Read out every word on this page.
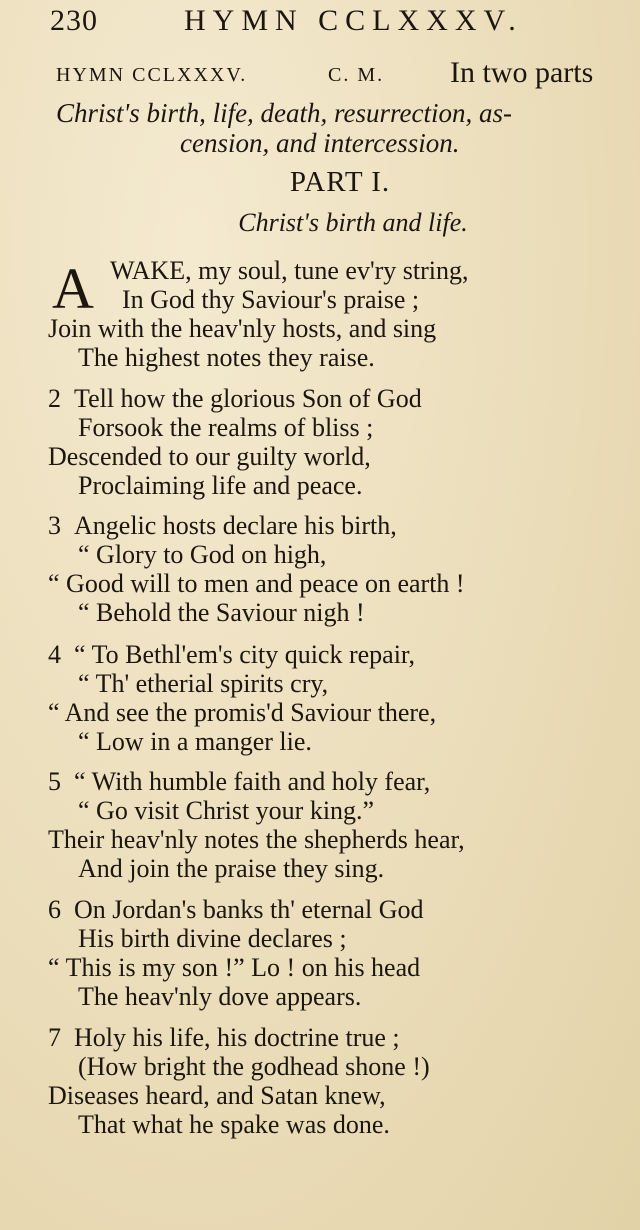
230	HYMN CCLXXXV.
HYMN CCLXXXV.	C. M. In two parts
Christ's birth, life, death, resurrection, as-
cension, and intercession.
PART I.
Christ's birth and life.
A WAKE, my soul, tune ev'ry string,
In God thy Saviour's praise ;
Join with the heav'nly hosts, and sing
The highest notes they raise.
2 Tell how the glorious Son of God
Forsook the realms of bliss ;
Descended to our guilty world,
Proclaiming life and peace.
3 Angelic hosts declare his birth,
“ Glory to God on high,
“ Good will to men and peace on earth !
“ Behold the Saviour nigh !
4 “ To Bethl'em's city quick repair,
“ Th' etherial spirits cry,
“ And see the promis'd Saviour there,
“ Low in a manger lie.
5 “ With humble faith and holy fear,
“ Go visit Christ your king.”
Their heav'nly notes the shepherds hear,
And join the praise they sing.
6 On Jordan's banks th' eternal God
His birth divine declares ;
“ This is my son !” Lo ! on his head
The heav'nly dove appears.
7 Holy his life, his doctrine true ;
(How bright the godhead shone !)
Diseases heard, and Satan knew,
That what he spake was done.
